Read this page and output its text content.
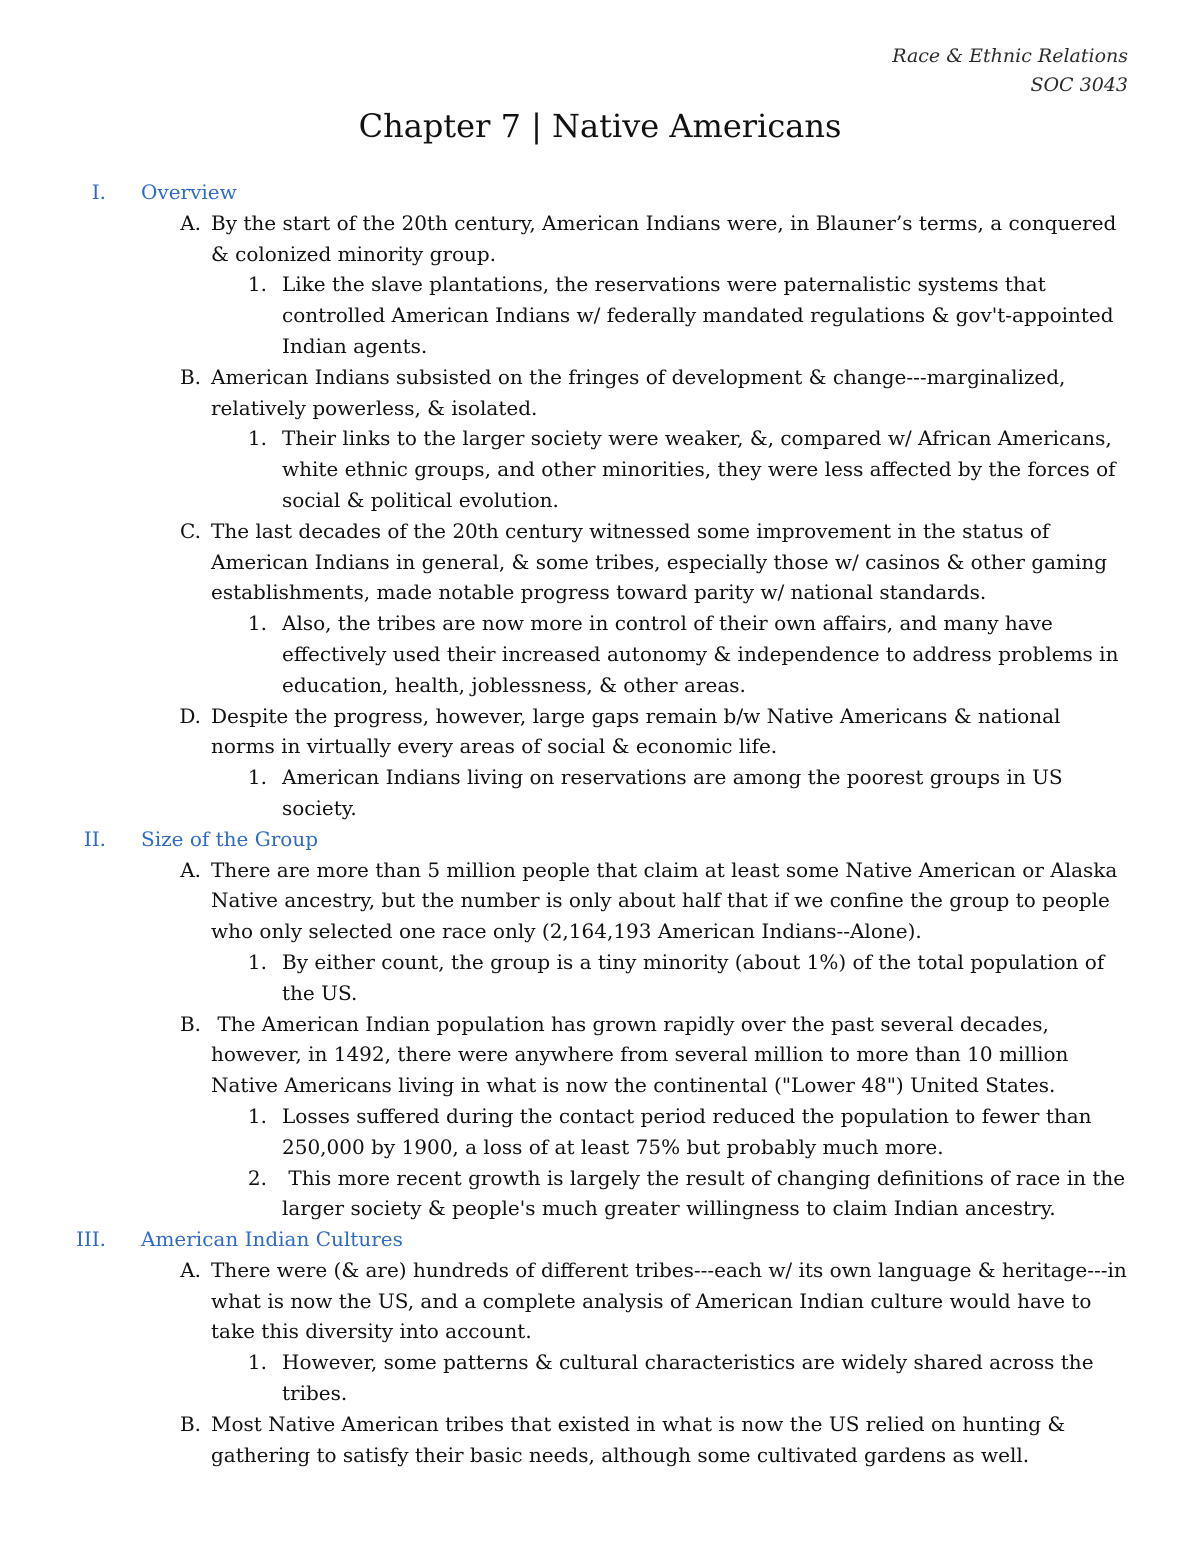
Race & Ethnic Relations
SOC 3043
Chapter 7 | Native Americans
I. Overview
A. By the start of the 20th century, American Indians were, in Blauner’s terms, a conquered & colonized minority group.
1. Like the slave plantations, the reservations were paternalistic systems that controlled American Indians w/ federally mandated regulations & gov't-appointed Indian agents.
B. American Indians subsisted on the fringes of development & change---marginalized, relatively powerless, & isolated.
1. Their links to the larger society were weaker, &, compared w/ African Americans, white ethnic groups, and other minorities, they were less affected by the forces of social & political evolution.
C. The last decades of the 20th century witnessed some improvement in the status of American Indians in general, & some tribes, especially those w/ casinos & other gaming establishments, made notable progress toward parity w/ national standards.
1. Also, the tribes are now more in control of their own affairs, and many have effectively used their increased autonomy & independence to address problems in education, health, joblessness, & other areas.
D. Despite the progress, however, large gaps remain b/w Native Americans & national norms in virtually every areas of social & economic life.
1. American Indians living on reservations are among the poorest groups in US society.
II. Size of the Group
A. There are more than 5 million people that claim at least some Native American or Alaska Native ancestry, but the number is only about half that if we confine the group to people who only selected one race only (2,164,193 American Indians--Alone).
1. By either count, the group is a tiny minority (about 1%) of the total population of the US.
B. The American Indian population has grown rapidly over the past several decades, however, in 1492, there were anywhere from several million to more than 10 million Native Americans living in what is now the continental ("Lower 48") United States.
1. Losses suffered during the contact period reduced the population to fewer than 250,000 by 1900, a loss of at least 75% but probably much more.
2. This more recent growth is largely the result of changing definitions of race in the larger society & people's much greater willingness to claim Indian ancestry.
III. American Indian Cultures
A. There were (& are) hundreds of different tribes---each w/ its own language & heritage---in what is now the US, and a complete analysis of American Indian culture would have to take this diversity into account.
1. However, some patterns & cultural characteristics are widely shared across the tribes.
B. Most Native American tribes that existed in what is now the US relied on hunting & gathering to satisfy their basic needs, although some cultivated gardens as well.
